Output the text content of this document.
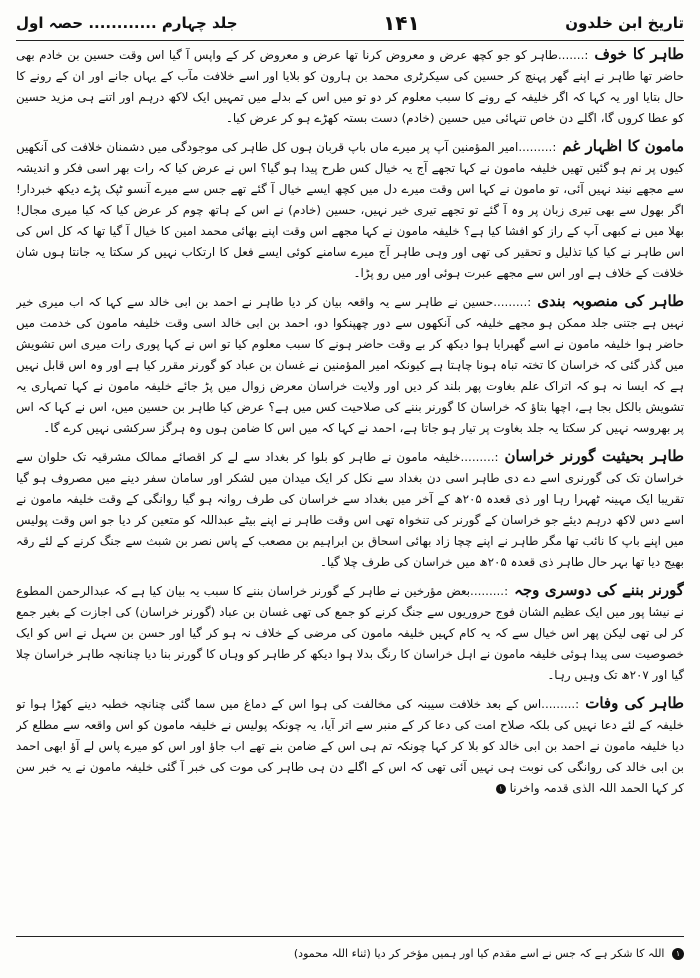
تاریخ ابن خلدون
۱۴۱
جلد چہارم ............ حصہ اول

طاہر کا خوف:.......طاہر کو جو کچھ عرض و معروض کرنا تھا عرض و معروض کر کے واپس آ گیا اس وقت حسین بن خادم بھی حاضر تھا طاہر نے اپنے گھر پہنچ کر حسین کی سیکرٹری محمد بن ہارون کو بلایا اور اسے خلافت مآب کے یہاں جانے اور ان کے رونے کا حال بتایا اور یہ کہا کہ اگر خلیفہ کے رونے کا سبب معلوم کر دو تو میں اس کے بدلے میں تمہیں ایک لاکھ درہم اور اتنے ہی مزید حسین کو عطا کروں گا، اگلے دن خاص تنہائی میں حسین (خادم) دست بستہ کھڑے ہو کر عرض کیا۔

مامون کا اظہار غم:.........امیر المؤمنین آپ پر میرے ماں باپ قربان ہوں کل طاہر کی موجودگی میں دشمنان خلافت کی آنکھیں کیوں پر نم ہو گئیں تھیں خلیفہ مامون نے کہا تجھے آج یہ خیال کس طرح پیدا ہو گیا؟ اس نے عرض کیا کہ رات بھر اسی فکر و اندیشہ سے مجھے نیند نہیں آئی، تو مامون نے کہا اس وقت میرے دل میں کچھ ایسے خیال آ گئے تھے جس سے میرے آنسو ٹپک پڑے دیکھ خبردار! اگر بھول سے بھی تیری زبان پر وہ آ گئے تو تجھے تیری خیر نہیں، حسین (خادم) نے اس کے ہاتھ چوم کر عرض کیا کہ کیا میری مجال! بھلا میں نے کبھی آپ کے راز کو افشا کیا ہے؟ خلیفہ مامون نے کہا مجھے اس وقت اپنے بھائی محمد امین کا خیال آ گیا تھا کہ کل اس کی اس طاہر نے کیا کیا تذلیل و تحقیر کی تھی اور وہی طاہر آج میرے سامنے کوئی ایسے فعل کا ارتکاب نہیں کر سکتا یہ جانتا ہوں شان خلافت کے خلاف ہے اور اس سے مجھے عبرت ہوئی اور میں رو پڑا۔

طاہر کی منصوبہ بندی:.........حسین نے طاہر سے یہ واقعہ بیان کر دیا طاہر نے احمد بن ابی خالد سے کہا کہ اب میری خیر نہیں ہے جتنی جلد ممکن ہو مجھے خلیفہ کی آنکھوں سے دور چھپنکوا دو، احمد بن ابی خالد اسی وقت خلیفہ مامون کی خدمت میں حاضر ہوا خلیفہ مامون نے اسے گھبرایا ہوا دیکھ کر بے وقت حاضر ہونے کا سبب معلوم کیا تو اس نے کہا پوری رات میری اس تشویش میں گذر گئی کہ خراسان کا تختہ تباہ ہونا چاہتا ہے کیونکہ امیر المؤمنین نے غسان بن عباد کو گورنر مقرر کیا ہے اور وہ اس قابل نہیں ہے کہ ایسا نہ ہو کہ اتراک علم بغاوت پھر بلند کر دیں اور ولایت خراسان معرض زوال میں پڑ جائے خلیفہ مامون نے کہا تمہاری یہ تشویش بالکل بجا ہے، اچھا بتاؤ کہ خراسان کا گورنر بننے کی صلاحیت کس میں ہے؟ عرض کیا طاہر بن حسین میں، اس نے کہا کہ اس پر بھروسہ نہیں کر سکتا یہ جلد بغاوت پر تیار ہو جاتا ہے، احمد نے کہا کہ میں اس کا ضامن ہوں وہ ہرگز سرکشی نہیں کرے گا۔

طاہر بحیثیت گورنر خراسان:.........خلیفہ مامون نے طاہر کو بلوا کر بغداد سے لے کر اقصائے ممالک مشرقیہ تک حلوان سے خراسان تک کی گورنری اسے دے دی طاہر اسی دن بغداد سے نکل کر ایک میدان میں لشکر اور سامان سفر دینے میں مصروف ہو گیا تقریبا ایک مہینہ ٹھہرا رہا اور ذی قعدہ ۲۰۵ھ کے آخر میں بغداد سے خراسان کی طرف روانہ ہو گیا روانگی کے وقت خلیفہ مامون نے اسے دس لاکھ درہم دیئے جو خراسان کے گورنر کی تنخواہ تھی اس وقت طاہر نے اپنے بیٹے عبداللہ کو متعین کر دیا جو اس وقت پولیس میں اپنے باپ کا نائب تھا مگر طاہر نے اپنے چچا زاد بھائی اسحاق بن ابراہیم بن مصعب کے پاس نصر بن شبث سے جنگ کرنے کے لئے رقہ بھیج دیا تھا بہر حال طاہر ذی قعدہ ۲۰۵ھ میں خراسان کی طرف چلا گیا۔

گورنر بننے کی دوسری وجہ:.........بعض مؤرخین نے طاہر کے گورنر خراسان بننے کا سبب یہ بیان کیا ہے کہ عبدالرحمن المطوع نے نیشا پور میں ایک عظیم الشان فوج حروریوں سے جنگ کرنے کو جمع کی تھی غسان بن عباد (گورنر خراسان) کی اجازت کے بغیر جمع کر لی تھی لیکن پھر اس خیال سے کہ یہ کام کہیں خلیفہ مامون کی مرضی کے خلاف نہ ہو کر گیا اور حسن بن سہل نے اس کو ایک خصوصیت سی پیدا ہوئی خلیفہ مامون نے اہل خراسان کا رنگ بدلا ہوا دیکھ کر طاہر کو وہاں کا گورنر بنا دیا چنانچہ طاہر خراسان چلا گیا اور ۲۰۷ھ تک وہیں رہا۔

طاہر کی وفات:.........اس کے بعد خلافت سیبنہ کی مخالفت کی ہوا اس کے دماغ میں سما گئی چنانچہ خطبہ دینے کھڑا ہوا تو خلیفہ کے لئے دعا نہیں کی بلکہ صلاح امت کی دعا کر کے منبر سے اتر آیا، یہ چونکہ پولیس نے خلیفہ مامون کو اس واقعہ سے مطلع کر دیا خلیفہ مامون نے احمد بن ابی خالد کو بلا کر کہا چونکہ تم ہی اس کے ضامن بنے تھے اب جاؤ اور اس کو میرے پاس لے آؤ ابھی احمد بن ابی خالد کی روانگی کی نوبت ہی نہیں آئی تھی کہ اس کے اگلے دن ہی طاہر کی موت کی خبر آ گئی خلیفہ مامون نے یہ خبر سن کر کہا الحمد اللہ الذی قدمہ واخرنا ۱

۱ اللہ کا شکر ہے کہ جس نے اسے مقدم کیا اور ہمیں مؤخر کر دیا (ثناء اللہ محمود)
